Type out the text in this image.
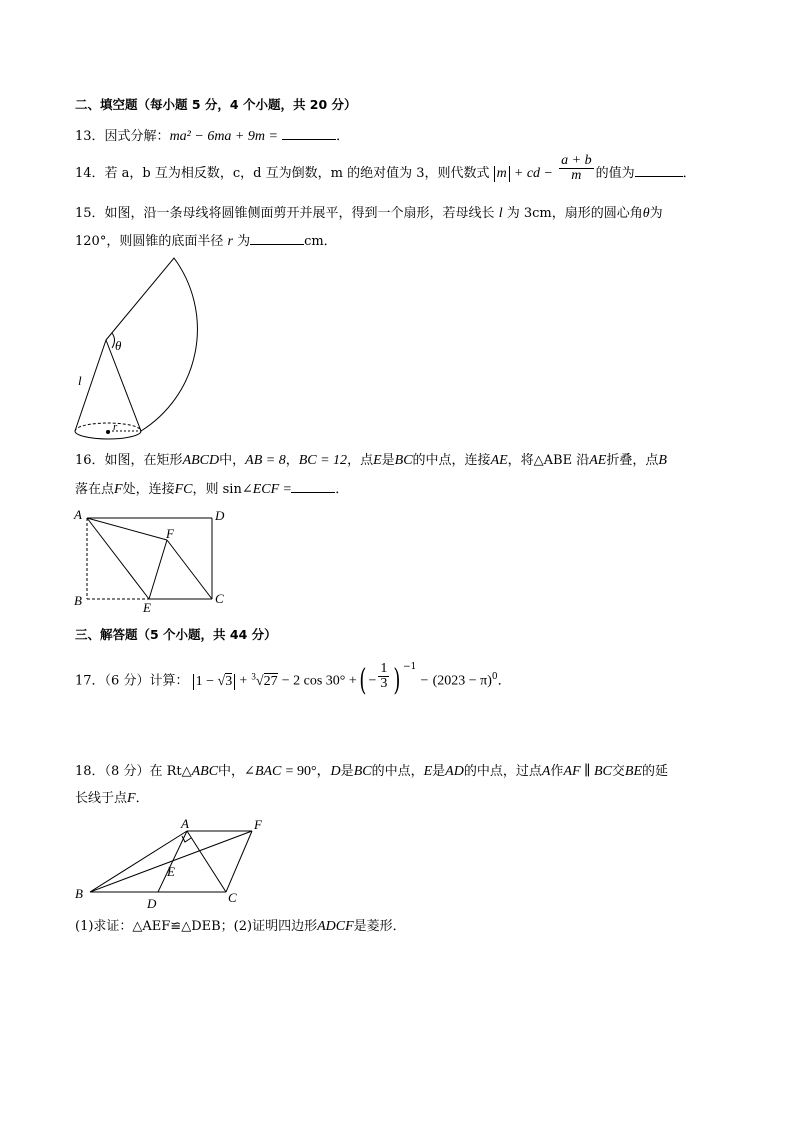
二、填空题（每小题 5 分，4 个小题，共 20 分）
13．因式分解：ma² − 6ma + 9m =	．
14．若 a，b 互为相反数，c，d 互为倒数，m 的绝对值为 3，则代数式 m + cd − $\frac{a + b}{m}$ 的值为	．
15．如图，沿一条母线将圆锥侧面剪开并展平，得到一个扇形，若母线长 l 为 3cm，扇形的圆心角θ为
120°，则圆锥的底面半径 r 为	cm．
θ
l
r
16．如图，在矩形ABCD中，AB = 8，BC = 12，点E是BC的中点，连接AE，将△ABE 沿AE折叠，点B
落在点F处，连接FC，则 sin∠ECF =	．
A	D
F
B	E
C
三、解答题（5 个小题，共 44 分）
17．（6 分）计算： 1 − √3 + $^3$√27 − 2 cos 30° +( − $\frac{1}{3}$ ) $^{-1} - (2023 - \pi)^0$．
18．（8 分）在 Rt△ABC中，∠BAC = 90°，D是BC的中点，E是AD的中点，过点A作AF ∥ BC交BE的延
长线于点F．
A	F
E
B
D	C
(1)求证：△AEF≌△DEB；(2)证明四边形ADCF是菱形．
